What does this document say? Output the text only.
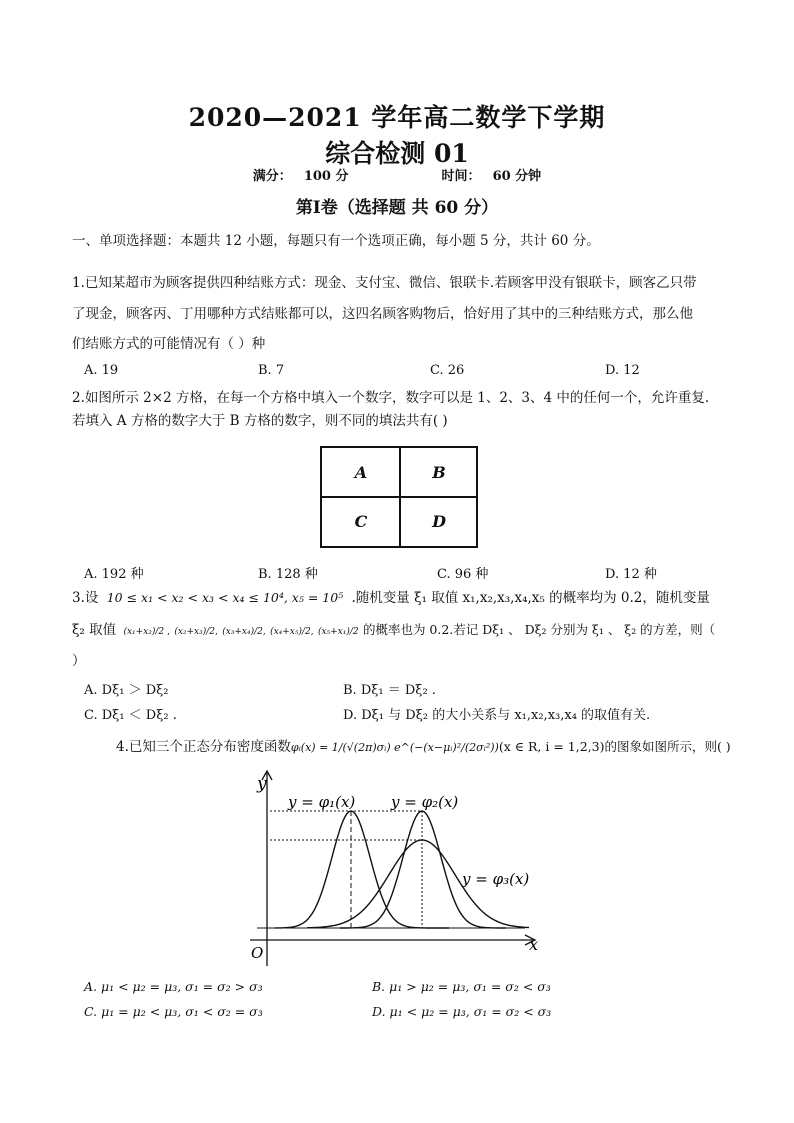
2020—2021 学年高二数学下学期
综合检测 01
满分： 100 分	时间： 60 分钟
第Ⅰ卷（选择题 共 60 分）
一、单项选择题：本题共 12 小题，每题只有一个选项正确，每小题 5 分，共计 60 分。
1.已知某超市为顾客提供四种结账方式：现金、支付宝、微信、银联卡.若顾客甲没有银联卡，顾客乙只带
了现金，顾客丙、丁用哪种方式结账都可以，这四名顾客购物后，恰好用了其中的三种结账方式，那么他
们结账方式的可能情况有（ ）种
A. 19	B. 7	C. 26	D. 12
2.如图所示 2×2 方格，在每一个方格中填入一个数字，数字可以是 1、2、3、4 中的任何一个，允许重复.
若填入 A 方格的数字大于 B 方格的数字，则不同的填法共有( )
A	B
C	D
A. 192 种	B. 128 种	C. 96 种	D. 12 种
3.设 10 ≤ x₁ < x₂ < x₃ < x₄ ≤ 10⁴, x₅ = 10⁵ .随机变量 ξ₁ 取值 x₁,x₂,x₃,x₄,x₅ 的概率均为 0.2，随机变量
ξ₂ 取值 (x₁+x₂)/2 , (x₂+x₃)/2, (x₃+x₄)/2, (x₄+x₅)/2, (x₅+x₁)/2 的概率也为 0.2.若记 Dξ₁ 、 Dξ₂ 分别为 ξ₁ 、 ξ₂ 的方差，则（
）
A. Dξ₁ ＞ Dξ₂	B. Dξ₁ ＝ Dξ₂ .
C. Dξ₁ ＜ Dξ₂ .	D. Dξ₁ 与 Dξ₂ 的大小关系与 x₁,x₂,x₃,x₄ 的取值有关.
4.已知三个正态分布密度函数φᵢ(x) = 1/(√(2π)σᵢ) e^(−(x−μᵢ)²/(2σᵢ²))(x ∈ R, i = 1,2,3)的图象如图所示，则( )
y
x
O
y = φ₁(x) y = φ₂(x)
y = φ₃(x)
A. μ₁ < μ₂ = μ₃, σ₁ = σ₂ > σ₃	B. μ₁ > μ₂ = μ₃, σ₁ = σ₂ < σ₃
C. μ₁ = μ₂ < μ₃, σ₁ < σ₂ = σ₃	D. μ₁ < μ₂ = μ₃, σ₁ = σ₂ < σ₃
